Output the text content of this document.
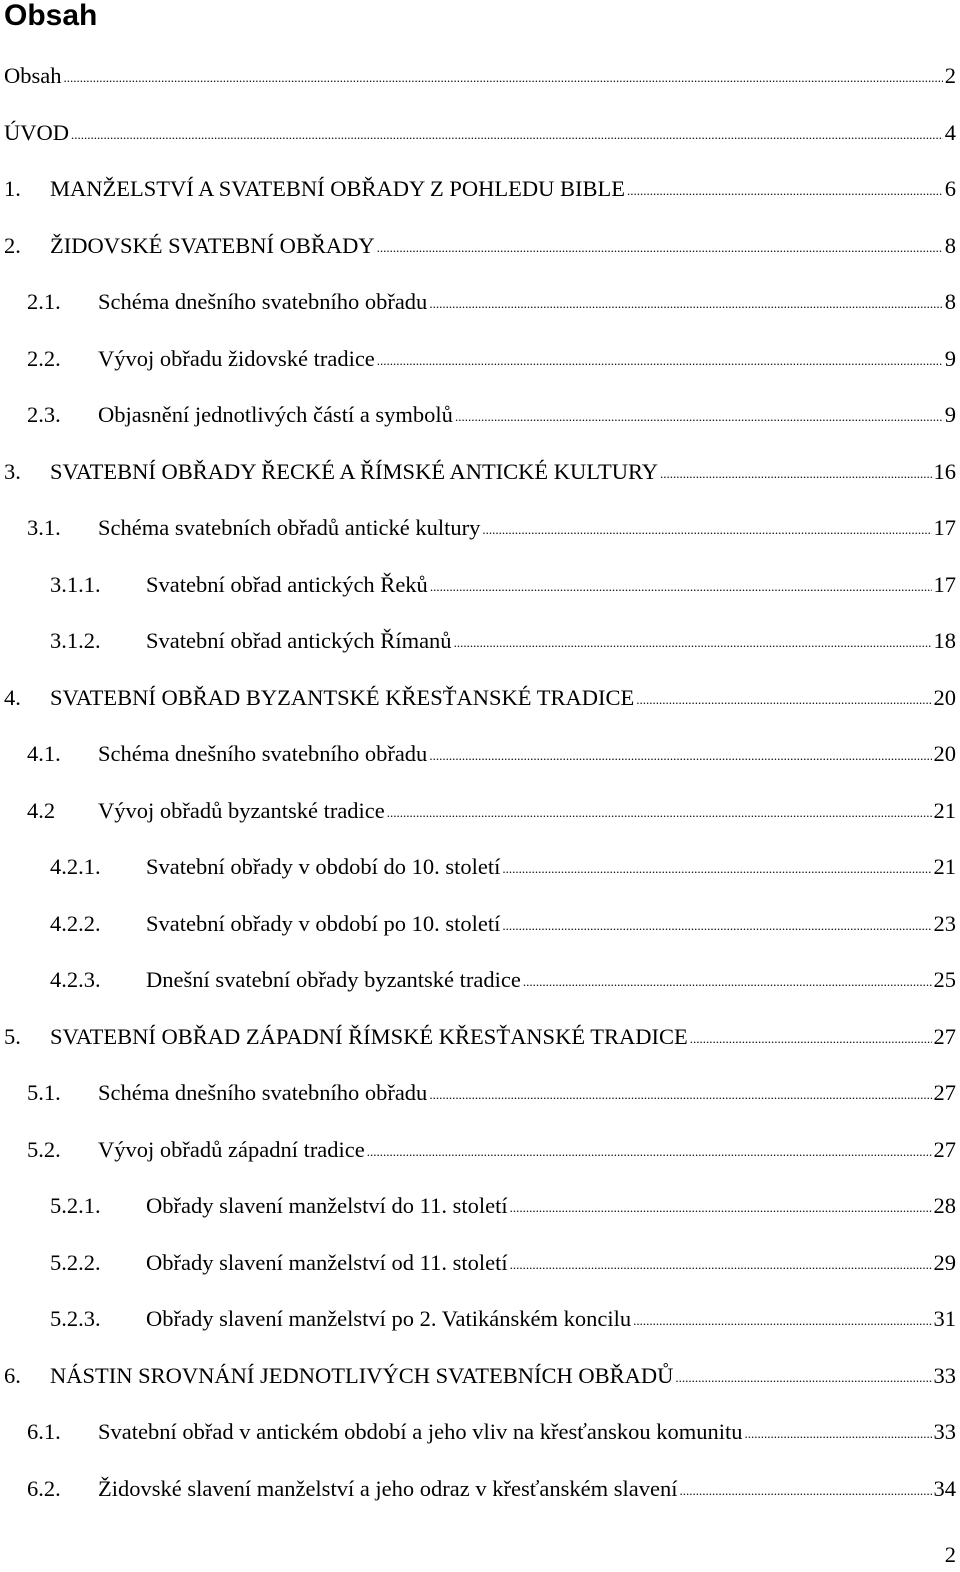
Obsah
Obsah .....	2
ÚVOD .....	4
1. MANŽELSTVÍ A SVATEBNÍ OBŘADY Z POHLEDU BIBLE .....	6
2. ŽIDOVSKÉ SVATEBNÍ OBŘADY .....	8
2.1. Schéma dnešního svatebního obřadu .....	8
2.2. Vývoj obřadu židovské tradice .....	9
2.3. Objasnění jednotlivých částí a symbolů .....	9
3. SVATEBNÍ OBŘADY ŘECKÉ A ŘÍMSKÉ ANTICKÉ KULTURY .....	16
3.1. Schéma svatebních obřadů antické kultury .....	17
3.1.1. Svatební obřad antických Řeků .....	17
3.1.2. Svatební obřad antických Římanů .....	18
4. SVATEBNÍ OBŘAD BYZANTSKÉ KŘESŤANSKÉ TRADICE .....	20
4.1. Schéma dnešního svatebního obřadu .....	20
4.2 Vývoj obřadů byzantské tradice .....	21
4.2.1. Svatební obřady v období do 10. století .....	21
4.2.2. Svatební obřady v období po 10. století .....	23
4.2.3. Dnešní svatební obřady byzantské tradice .....	25
5. SVATEBNÍ OBŘAD ZÁPADNÍ ŘÍMSKÉ KŘESŤANSKÉ TRADICE .....	27
5.1. Schéma dnešního svatebního obřadu .....	27
5.2. Vývoj obřadů západní tradice .....	27
5.2.1. Obřady slavení manželství do 11. století .....	28
5.2.2. Obřady slavení manželství od 11. století .....	29
5.2.3. Obřady slavení manželství po 2. Vatikánském koncilu .....	31
6. NÁSTIN SROVNÁNÍ JEDNOTLIVÝCH SVATEBNÍCH OBŘADŮ .....	33
6.1. Svatební obřad v antickém období a jeho vliv na křesťanskou komunitu .....	33
6.2. Židovské slavení manželství a jeho odraz v křesťanském slavení .....	34
2
